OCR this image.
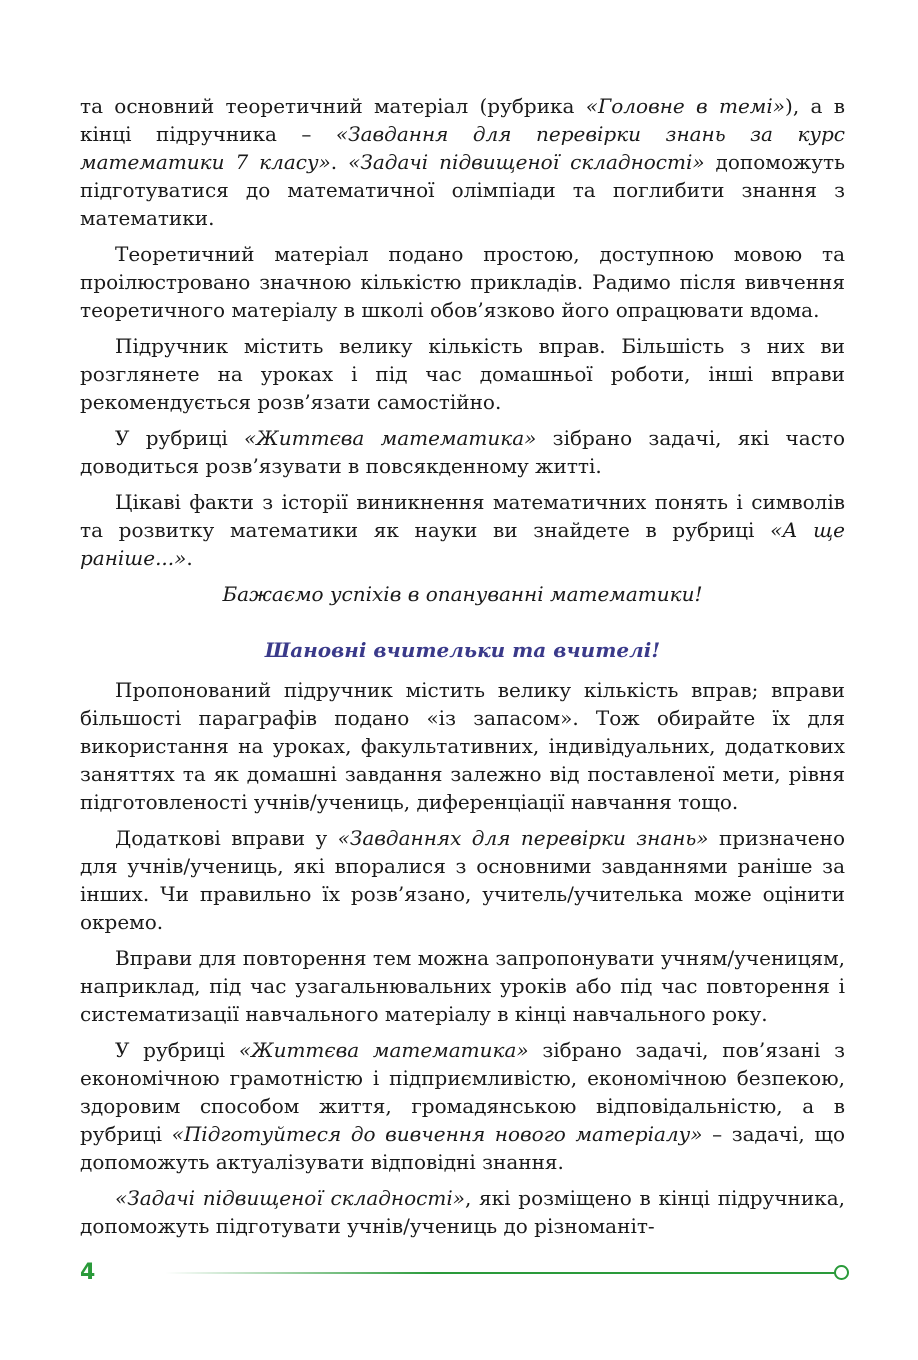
та основний теоретичний матеріал (рубрика «Головне в темі»), а в кінці підручника – «Завдання для перевірки знань за курс математики 7 класу». «Задачі підвищеної складності» допоможуть підготуватися до математичної олімпіади та поглибити знання з математики.

Теоретичний матеріал подано простою, доступною мовою та проілюстровано значною кількістю прикладів. Радимо після вивчення теоретичного матеріалу в школі обов’язково його опрацювати вдома.

Підручник містить велику кількість вправ. Більшість з них ви розглянете на уроках і під час домашньої роботи, інші вправи рекомендується розв’язати самостійно.

У рубриці «Життєва математика» зібрано задачі, які часто доводиться розв’язувати в повсякденному житті.

Цікаві факти з історії виникнення математичних понять і символів та розвитку математики як науки ви знайдете в рубриці «А ще раніше...».

Бажаємо успіхів в опануванні математики!

Шановні вчительки та вчителі!

Пропонований підручник містить велику кількість вправ; вправи більшості параграфів подано «із запасом». Тож обирайте їх для використання на уроках, факультативних, індивідуальних, додаткових заняттях та як домашні завдання залежно від поставленої мети, рівня підготовленості учнів/учениць, диференціації навчання тощо.

Додаткові вправи у «Завданнях для перевірки знань» призначено для учнів/учениць, які впоралися з основними завданнями раніше за інших. Чи правильно їх розв’язано, учитель/учителька може оцінити окремо.

Вправи для повторення тем можна запропонувати учням/ученицям, наприклад, під час узагальнювальних уроків або під час повторення і систематизації навчального матеріалу в кінці навчального року.

У рубриці «Життєва математика» зібрано задачі, пов’язані з економічною грамотністю і підприємливістю, економічною безпекою, здоровим способом життя, громадянською відповідальністю, а в рубриці «Підготуйтеся до вивчення нового матеріалу» – задачі, що допоможуть актуалізувати відповідні знання.

«Задачі підвищеної складності», які розміщено в кінці підручника, допоможуть підготувати учнів/учениць до різноманіт-

4
